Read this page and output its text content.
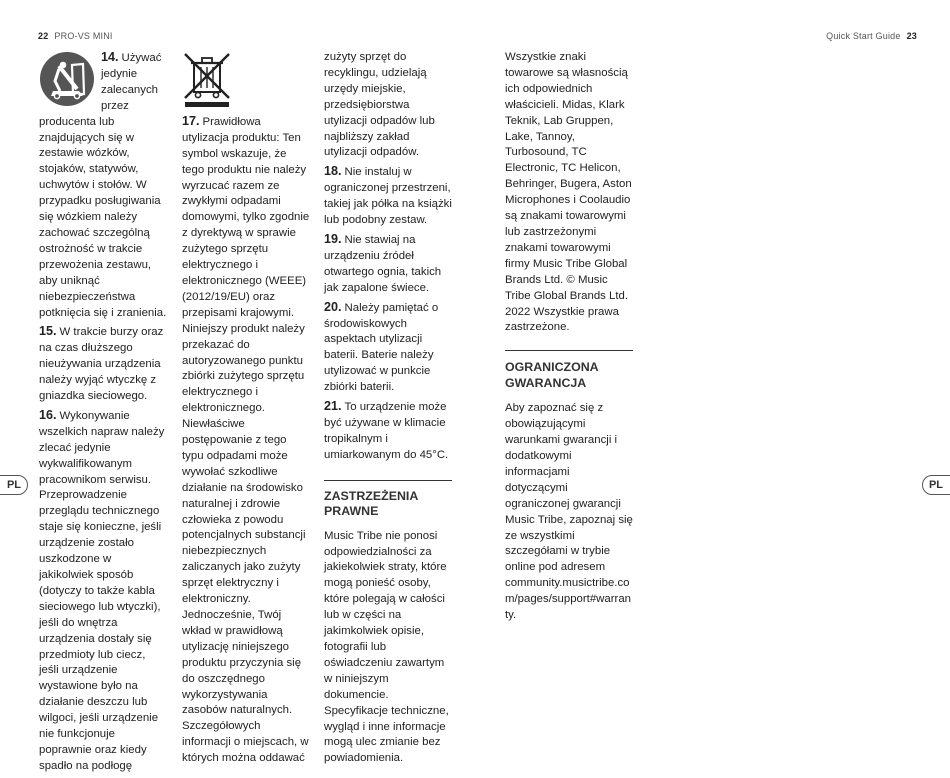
22 PRO-VS MINI	Quick Start Guide 23
PL	PL
14. Używać jedynie zalecanych przez producenta lub znajdujących się w zestawie wózków, stojaków, statywów, uchwytów i stołów. W przypadku posługiwania się wózkiem należy zachować szczególną ostrożność w trakcie przewożenia zestawu, aby uniknąć niebezpieczeństwa potknięcia się i zranienia.
15. W trakcie burzy oraz na czas dłuższego nieużywania urządzenia należy wyjąć wtyczkę z gniazdka sieciowego.
16. Wykonywanie wszelkich napraw należy zlecać jedynie wykwalifikowanym pracownikom serwisu. Przeprowadzenie przeglądu technicznego staje się konieczne, jeśli urządzenie zostało uszkodzone w jakikolwiek sposób (dotyczy to także kabla sieciowego lub wtyczki), jeśli do wnętrza urządzenia dostały się przedmioty lub ciecz, jeśli urządzenie wystawione było na działanie deszczu lub wilgoci, jeśli urządzenie nie funkcjonuje poprawnie oraz kiedy spadło na podłogę
17. Prawidłowa utylizacja produktu: Ten symbol wskazuje, że tego produktu nie należy wyrzucać razem ze zwykłymi odpadami domowymi, tylko zgodnie z dyrektywą w sprawie zużytego sprzętu elektrycznego i elektronicznego (WEEE) (2012/19/EU) oraz przepisami krajowymi. Niniejszy produkt należy przekazać do autoryzowanego punktu zbiórki zużytego sprzętu elektrycznego i elektronicznego. Niewłaściwe postępowanie z tego typu odpadami może wywołać szkodliwe działanie na środowisko naturalnej i zdrowie człowieka z powodu potencjalnych substancji niebezpiecznych zaliczanych jako zużyty sprzęt elektryczny i elektroniczny. Jednocześnie, Twój wkład w prawidłową utylizację niniejszego produktu przyczynia się do oszczędnego wykorzystywania zasobów naturalnych. Szczegółowych informacji o miejscach, w których można oddawać
zużyty sprzęt do recyklingu, udzielają urzędy miejskie, przedsiębiorstwa utylizacji odpadów lub najbliższy zakład utylizacji odpadów.
18. Nie instaluj w ograniczonej przestrzeni, takiej jak półka na książki lub podobny zestaw.
19. Nie stawiaj na urządzeniu źródeł otwartego ognia, takich jak zapalone świece.
20. Należy pamiętać o środowiskowych aspektach utylizacji baterii. Baterie należy utylizować w punkcie zbiórki baterii.
21. To urządzenie może być używane w klimacie tropikalnym i umiarkowanym do 45°C.
ZASTRZEŻENIA PRAWNE
Music Tribe nie ponosi odpowiedzialności za jakiekolwiek straty, które mogą ponieść osoby, które polegają w całości lub w części na jakimkolwiek opisie, fotografii lub oświadczeniu zawartym w niniejszym dokumencie. Specyfikacje techniczne, wygląd i inne informacje mogą ulec zmianie bez powiadomienia.
Wszystkie znaki towarowe są własnością ich odpowiednich właścicieli. Midas, Klark Teknik, Lab Gruppen, Lake, Tannoy, Turbosound, TC Electronic, TC Helicon, Behringer, Bugera, Aston Microphones i Coolaudio są znakami towarowymi lub zastrzeżonymi znakami towarowymi firmy Music Tribe Global Brands Ltd. © Music Tribe Global Brands Ltd. 2022 Wszystkie prawa zastrzeżone.
OGRANICZONA
GWARANCJA
Aby zapoznać się z obowiązującymi warunkami gwarancji i dodatkowymi informacjami dotyczącymi ograniczonej gwarancji Music Tribe, zapoznaj się ze wszystkimi szczegółami w trybie online pod adresem community.musictribe.com/pages/support#warranty.
